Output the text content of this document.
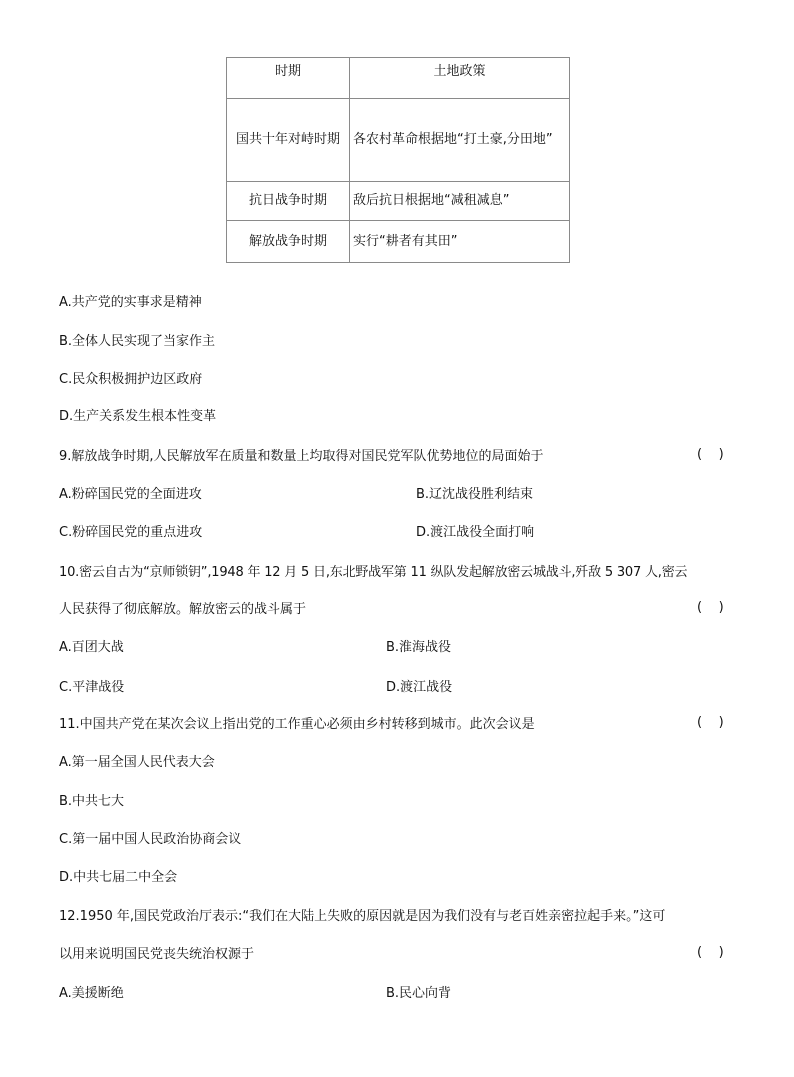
时期	土地政策
国共十年对峙时期	各农村革命根据地“打土豪,分田地”
抗日战争时期	敌后抗日根据地“减租减息”
解放战争时期	实行“耕者有其田”
A.共产党的实事求是精神
B.全体人民实现了当家作主
C.民众积极拥护边区政府
D.生产关系发生根本性变革
9.解放战争时期,人民解放军在质量和数量上均取得对国民党军队优势地位的局面始于	(    )
A.粉碎国民党的全面进攻	B.辽沈战役胜利结束
C.粉碎国民党的重点进攻	D.渡江战役全面打响
10.密云自古为“京师锁钥”,1948 年 12 月 5 日,东北野战军第 11 纵队发起解放密云城战斗,歼敌 5 307 人,密云
人民获得了彻底解放。解放密云的战斗属于	(    )
A.百团大战	B.淮海战役
C.平津战役	D.渡江战役
11.中国共产党在某次会议上指出党的工作重心必须由乡村转移到城市。此次会议是	(    )
A.第一届全国人民代表大会
B.中共七大
C.第一届中国人民政治协商会议
D.中共七届二中全会
12.1950 年,国民党政治厅表示:“我们在大陆上失败的原因就是因为我们没有与老百姓亲密拉起手来。”这可
以用来说明国民党丧失统治权源于	(    )
A.美援断绝	B.民心向背
